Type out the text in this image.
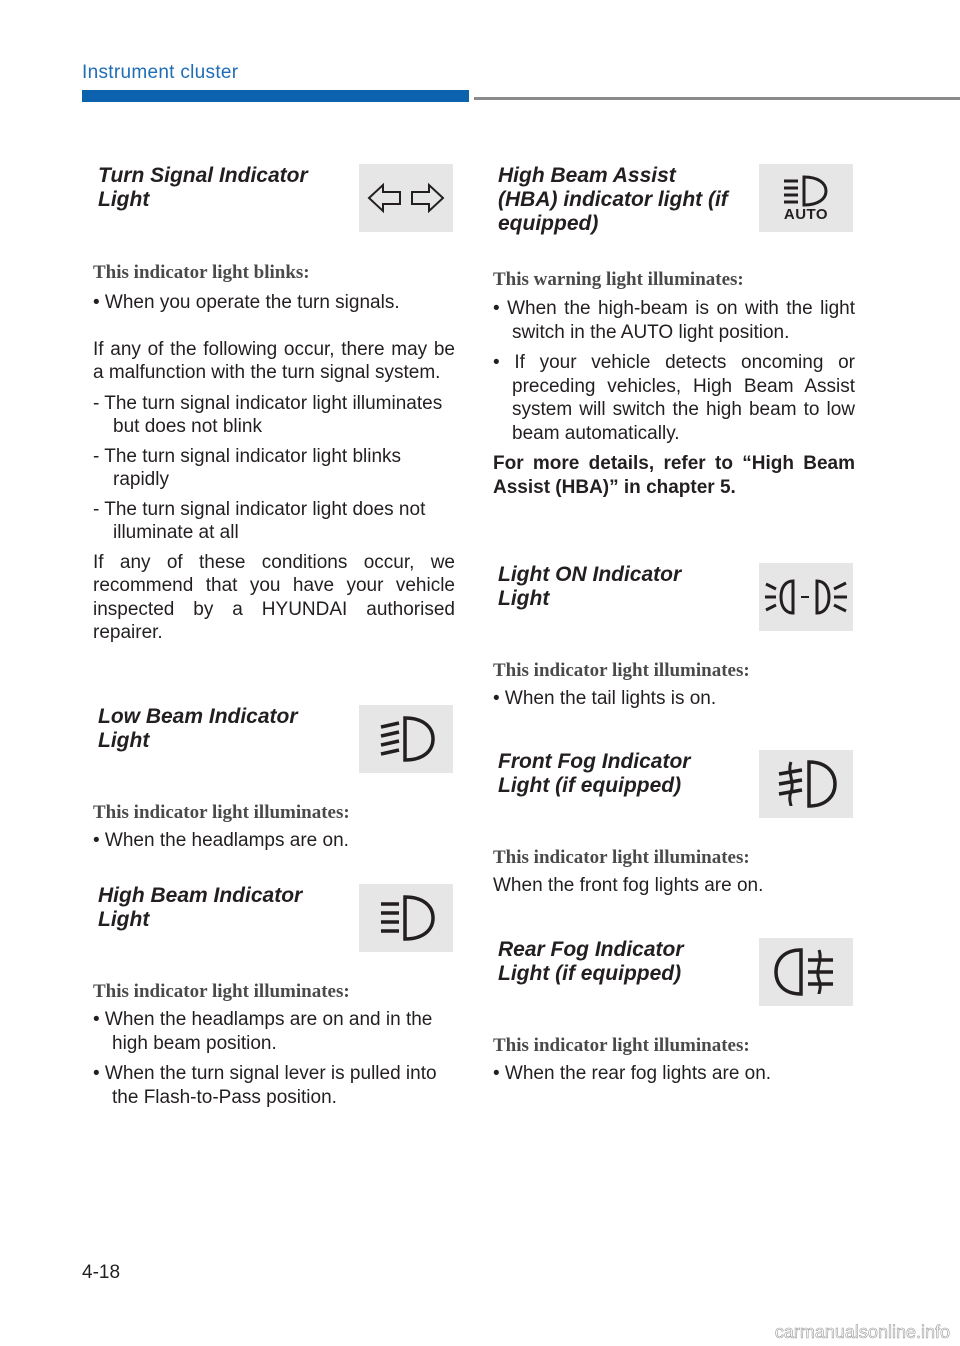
Instrument cluster
Turn Signal Indicator
Light
This indicator light blinks:

• When you operate the turn signals.

If any of the following occur, there may be a malfunction with the turn signal system.

- The turn signal indicator light illuminates but does not blink

- The turn signal indicator light blinks rapidly

- The turn signal indicator light does not illuminate at all

If any of these conditions occur, we recommend that you have your vehicle inspected by a HYUNDAI authorised repairer.

Low Beam Indicator
Light
This indicator light illuminates:

• When the headlamps are on.

High Beam Indicator
Light
This indicator light illuminates:

• When the headlamps are on and in the high beam position.

• When the turn signal lever is pulled into the Flash-to-Pass position.

High Beam Assist
(HBA) indicator light (if
equipped)	AUTO
This warning light illuminates:

• When the high-beam is on with the light switch in the AUTO light position.

• If your vehicle detects oncoming or preceding vehicles, High Beam Assist system will switch the high beam to low beam automatically.

For more details, refer to “High Beam Assist (HBA)” in chapter 5.

Light ON Indicator
Light
This indicator light illuminates:

• When the tail lights is on.

Front Fog Indicator
Light (if equipped)
This indicator light illuminates:

When the front fog lights are on.

Rear Fog Indicator
Light (if equipped)
This indicator light illuminates:

• When the rear fog lights are on.

4-18
carmanualsonline.info
